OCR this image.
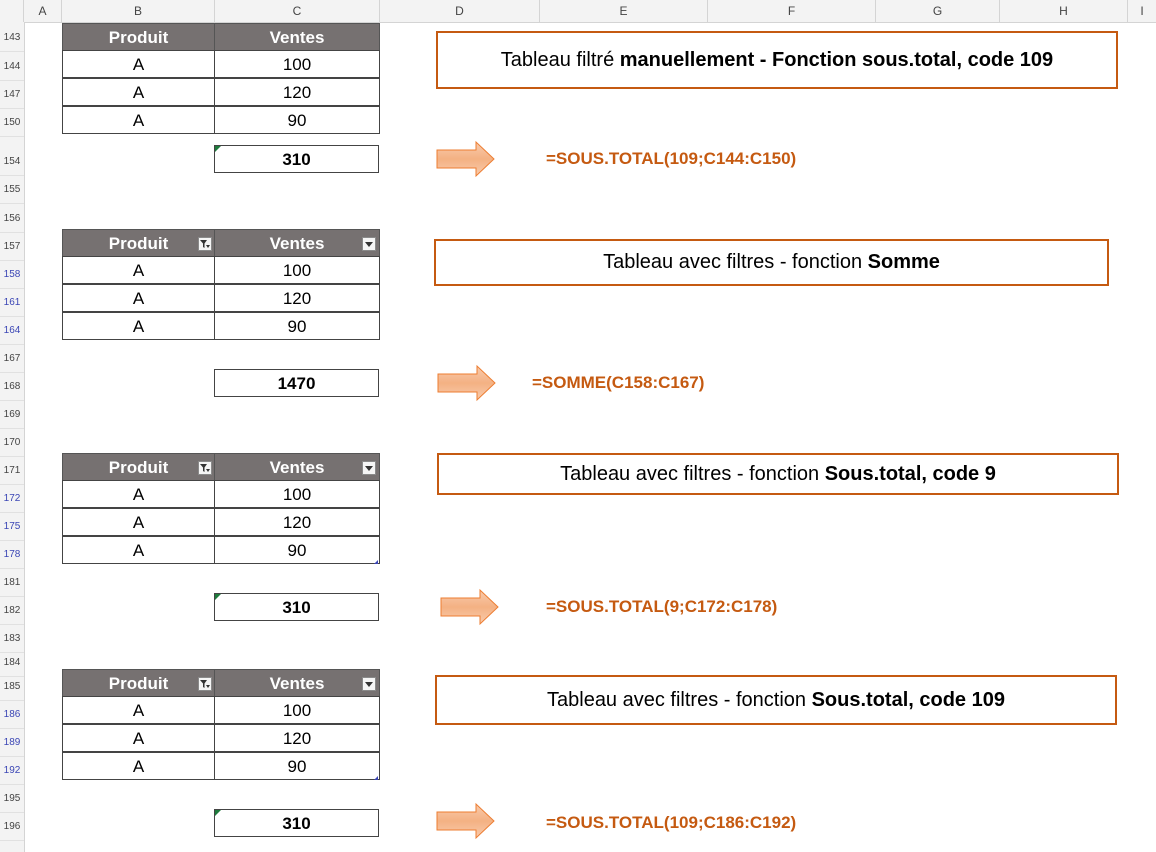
A	B	C	D	E	F	G	H	I
143
144
147
150
154
155
156
157
158
161
164
167
168
169
170
171
172
175
178
181
182
183
184
185
186
189
192
195
196
Produit	Ventes
A	100
A	120
A	90
310
Tableau filtré manuellement - Fonction sous.total, code 109
=SOUS.TOTAL(109;C144:C150)
Produit	Ventes
A	100
A	120
A	90
1470
Tableau avec filtres - fonction Somme
=SOMME(C158:C167)
Produit	Ventes
A	100
A	120
A	90
310
Tableau avec filtres - fonction Sous.total, code 9
=SOUS.TOTAL(9;C172:C178)
Produit	Ventes
A	100
A	120
A	90
310
Tableau avec filtres - fonction Sous.total, code 109
=SOUS.TOTAL(109;C186:C192)
